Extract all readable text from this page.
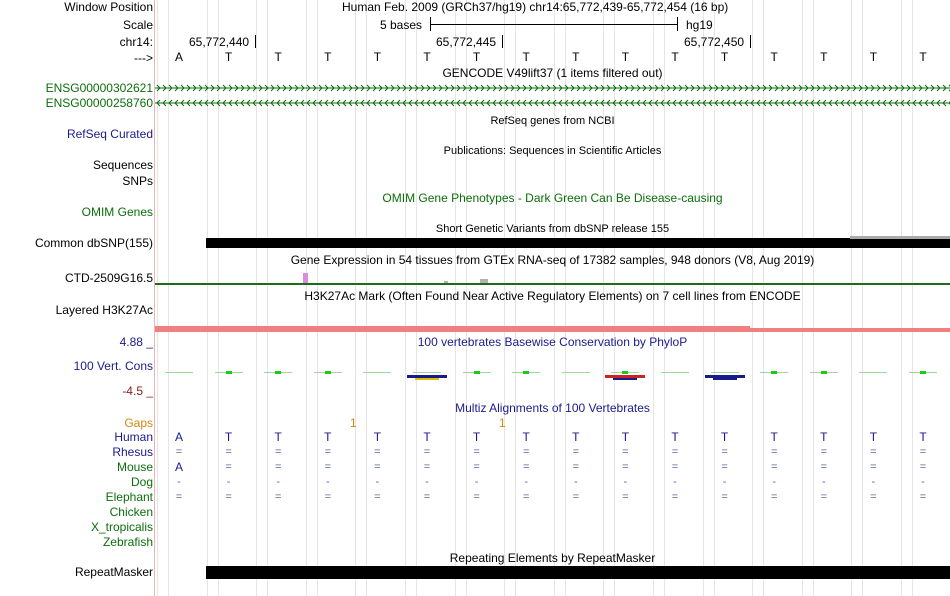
Window Position	Human Feb. 2009 (GRCh37/hg19) chr14:65,772,439-65,772,454 (16 bp)
Scale	5 bases	hg19
chr14:	65,772,440	65,772,445	65,772,450
--->	A	T	T	T	T	T	T	T	T	T	T	T	T	T	T	T
GENCODE V49lift37 (1 items filtered out)
ENSG00000302621
ENSG00000258760
RefSeq genes from NCBI
RefSeq Curated
Publications: Sequences in Scientific Articles
Sequences
SNPs
OMIM Gene Phenotypes - Dark Green Can Be Disease-causing
OMIM Genes
Short Genetic Variants from dbSNP release 155
Common dbSNP(155)
Gene Expression in 54 tissues from GTEx RNA-seq of 17382 samples, 948 donors (V8, Aug 2019)
CTD-2509G16.5
H3K27Ac Mark (Often Found Near Active Regulatory Elements) on 7 cell lines from ENCODE
Layered H3K27Ac
4.88 _	100 vertebrates Basewise Conservation by PhyloP
100 Vert. Cons
-4.5 _
Gaps	1	1
Multiz Alignments of 100 Vertebrates
Human	A	T	T	T	T	T	T	T	T	T	T	T	T	T	T	T
Rhesus	=	=	=	=	=	=	=	=	=	=	=	=	=	=	=	=
Mouse	A	=	=	=	=	=	=	=	=	=	=	=	=	=	=	=
Dog	-	-	-	-	-	-	-	-	-	-	-	-	-	-	-	-
Elephant	=	=	=	=	=	=	=	=	=	=	=	=	=	=	=	=
Chicken
X_tropicalis
Zebrafish
Repeating Elements by RepeatMasker
RepeatMasker
